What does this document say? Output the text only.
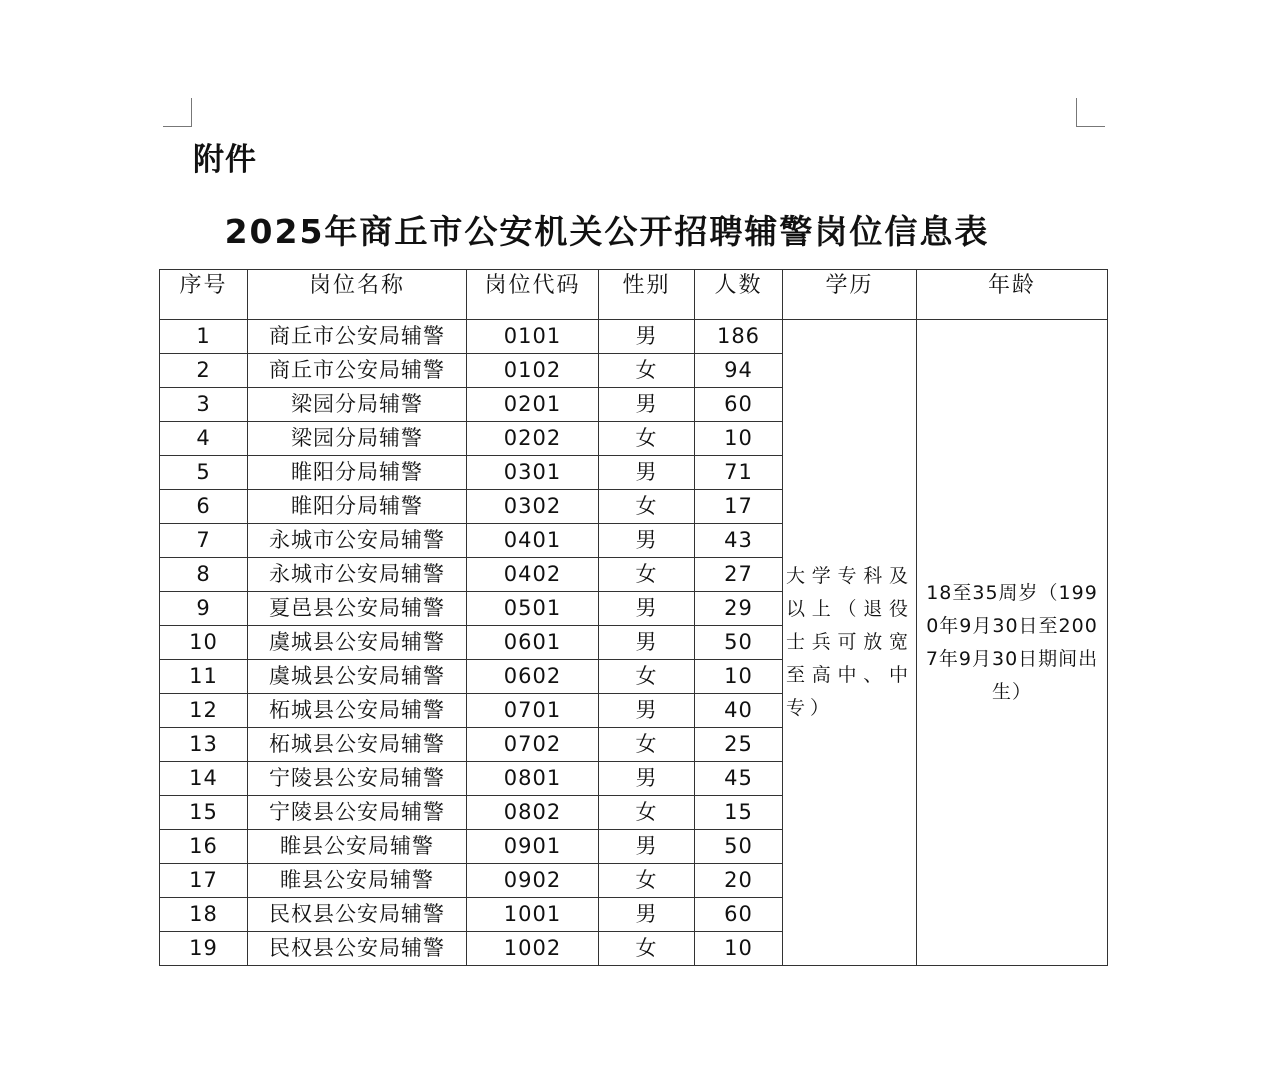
附件
2025年商丘市公安机关公开招聘辅警岗位信息表
序号	岗位名称	岗位代码	性别	人数	学历	年龄
1	商丘市公安局辅警	0101	男	186	大学专科及以上（退役士兵可放宽至高中、中专）	18至35周岁（1990年9月30日至2007年9月30日期间出生）
2	商丘市公安局辅警	0102	女	94		
3	梁园分局辅警	0201	男	60		
4	梁园分局辅警	0202	女	10		
5	睢阳分局辅警	0301	男	71		
6	睢阳分局辅警	0302	女	17		
7	永城市公安局辅警	0401	男	43		
8	永城市公安局辅警	0402	女	27		
9	夏邑县公安局辅警	0501	男	29		
10	虞城县公安局辅警	0601	男	50		
11	虞城县公安局辅警	0602	女	10		
12	柘城县公安局辅警	0701	男	40		
13	柘城县公安局辅警	0702	女	25		
14	宁陵县公安局辅警	0801	男	45		
15	宁陵县公安局辅警	0802	女	15		
16	睢县公安局辅警	0901	男	50		
17	睢县公安局辅警	0902	女	20		
18	民权县公安局辅警	1001	男	60		
19	民权县公安局辅警	1002	女	10		
